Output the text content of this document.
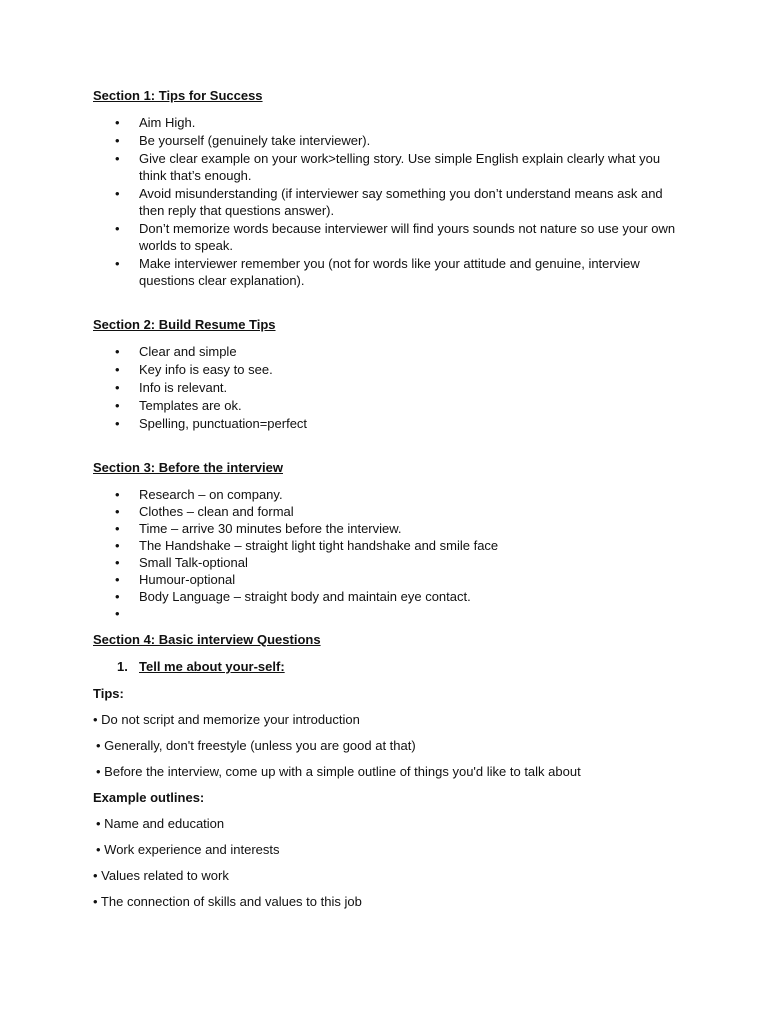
Section 1: Tips for Success

• Aim High.
• Be yourself (genuinely take interviewer).
• Give clear example on your work>telling story. Use simple English explain clearly what you think that’s enough.
• Avoid misunderstanding (if interviewer say something you don’t understand means ask and then reply that questions answer).
• Don’t memorize words because interviewer will find yours sounds not nature so use your own worlds to speak.
• Make interviewer remember you (not for words like your attitude and genuine, interview questions clear explanation).

Section 2: Build Resume Tips

• Clear and simple
• Key info is easy to see.
• Info is relevant.
• Templates are ok.
• Spelling, punctuation=perfect

Section 3: Before the interview

• Research – on company.
• Clothes – clean and formal
• Time – arrive 30 minutes before the interview.
• The Handshake – straight light tight handshake and smile face
• Small Talk-optional
• Humour-optional
• Body Language – straight body and maintain eye contact.
•

Section 4: Basic interview Questions

1. Tell me about your-self:
Tips:
• Do not script and memorize your introduction
• Generally, don't freestyle (unless you are good at that)
• Before the interview, come up with a simple outline of things you'd like to talk about
Example outlines:
• Name and education
• Work experience and interests
• Values related to work
• The connection of skills and values to this job
